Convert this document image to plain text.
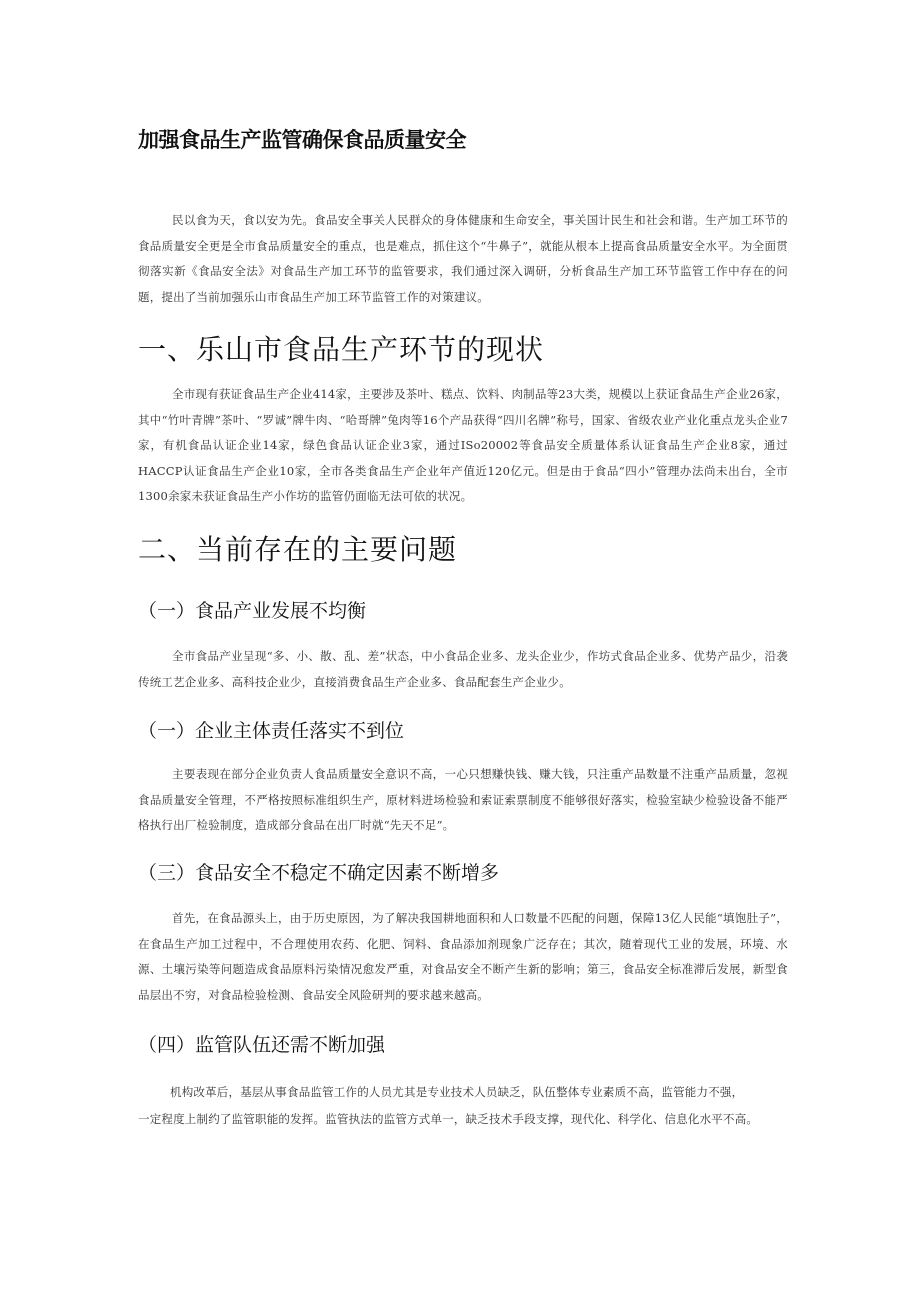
加强食品生产监管确保食品质量安全

民以食为天，食以安为先。食品安全事关人民群众的身体健康和生命安全，事关国计民生和社会和谐。生产加工环节的食品质量安全更是全市食品质量安全的重点，也是难点，抓住这个“牛鼻子”，就能从根本上提高食品质量安全水平。为全面贯彻落实新《食品安全法》对食品生产加工环节的监管要求，我们通过深入调研，分析食品生产加工环节监管工作中存在的问题，提出了当前加强乐山市食品生产加工环节监管工作的对策建议。

一、乐山市食品生产环节的现状

全市现有获证食品生产企业414家，主要涉及茶叶、糕点、饮料、肉制品等23大类，规模以上获证食品生产企业26家，其中“竹叶青牌”茶叶、“罗诚”牌牛肉、“哈哥牌”兔肉等16个产品获得“四川名牌”称号，国家、省级农业产业化重点龙头企业7家，有机食品认证企业14家，绿色食品认证企业3家，通过ISo20002等食品安全质量体系认证食品生产企业8家，通过HACCP认证食品生产企业10家，全市各类食品生产企业年产值近120亿元。但是由于食品“四小”管理办法尚未出台，全市1300余家未获证食品生产小作坊的监管仍面临无法可依的状况。

二、当前存在的主要问题
（一）食品产业发展不均衡

全市食品产业呈现“多、小、散、乱、差”状态，中小食品企业多、龙头企业少，作坊式食品企业多、优势产品少，沿袭传统工艺企业多、高科技企业少，直接消费食品生产企业多、食品配套生产企业少。

（一）企业主体责任落实不到位

主要表现在部分企业负责人食品质量安全意识不高，一心只想赚快钱、赚大钱，只注重产品数量不注重产品质量，忽视食品质量安全管理，不严格按照标准组织生产，原材料进场检验和索证索票制度不能够很好落实，检验室缺少检验设备不能严格执行出厂检验制度，造成部分食品在出厂时就“先天不足”。

（三）食品安全不稳定不确定因素不断增多

首先，在食品源头上，由于历史原因，为了解决我国耕地面积和人口数量不匹配的问题，保障13亿人民能“填饱肚子”，在食品生产加工过程中，不合理使用农药、化肥、饲料、食品添加剂现象广泛存在；其次，随着现代工业的发展，环境、水源、土壤污染等问题造成食品原料污染情况愈发严重，对食品安全不断产生新的影响；第三，食品安全标准滞后发展，新型食品层出不穷，对食品检验检测、食品安全风险研判的要求越来越高。

（四）监管队伍还需不断加强

机构改革后，基层从事食品监管工作的人员尤其是专业技术人员缺乏，队伍整体专业素质不高，监管能力不强，

一定程度上制约了监管职能的发挥。监管执法的监管方式单一，缺乏技术手段支撑，现代化、科学化、信息化水平不高。
